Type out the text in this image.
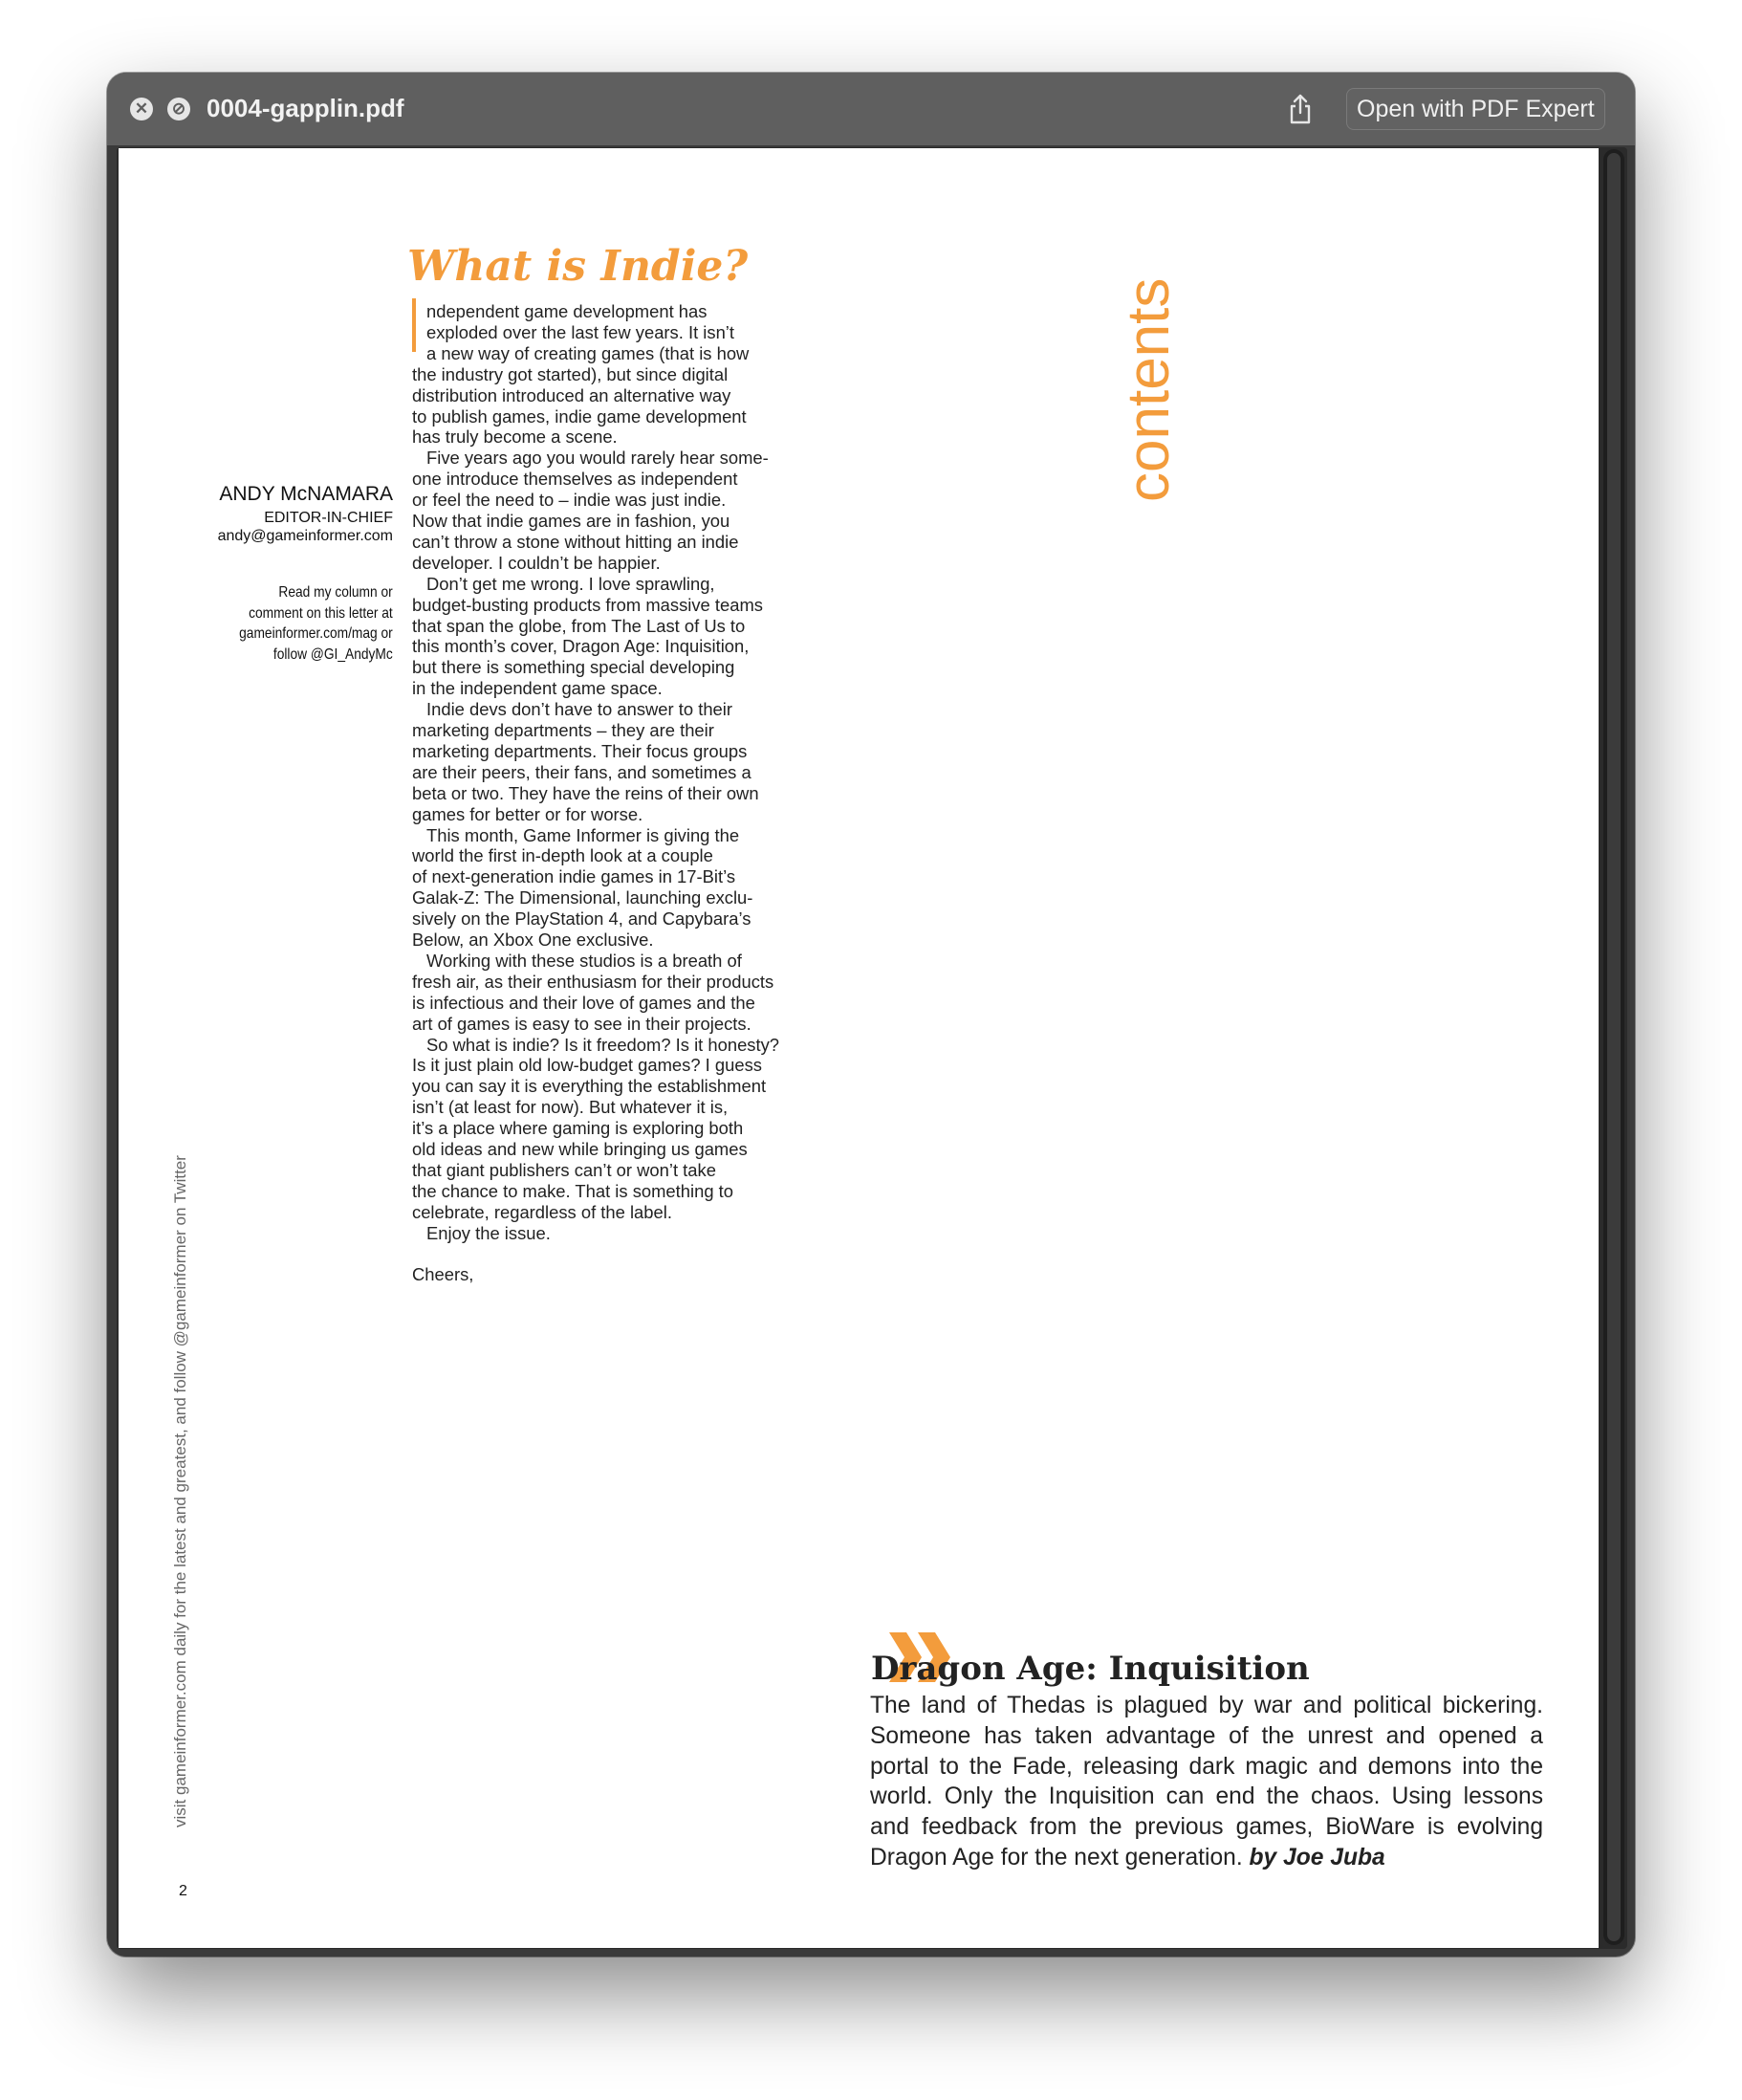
✕ ⊘ 0004-gapplin.pdf	Open with PDF Expert
What is Indie?
ndependent game development has
exploded over the last few years. It isn’t
a new way of creating games (that is how
the industry got started), but since digital
distribution introduced an alternative way
to publish games, indie game development
has truly become a scene.
Five years ago you would rarely hear some-
one introduce themselves as independent
or feel the need to – indie was just indie.
Now that indie games are in fashion, you
can’t throw a stone without hitting an indie
developer. I couldn’t be happier.
Don’t get me wrong. I love sprawling,
budget-busting products from massive teams
that span the globe, from The Last of Us to
this month’s cover, Dragon Age: Inquisition,
but there is something special developing
in the independent game space.
Indie devs don’t have to answer to their
marketing departments – they are their
marketing departments. Their focus groups
are their peers, their fans, and sometimes a
beta or two. They have the reins of their own
games for better or for worse.
This month, Game Informer is giving the
world the first in-depth look at a couple
of next-generation indie games in 17-Bit’s
Galak-Z: The Dimensional, launching exclu-
sively on the PlayStation 4, and Capybara’s
Below, an Xbox One exclusive.
Working with these studios is a breath of
fresh air, as their enthusiasm for their products
is infectious and their love of games and the
art of games is easy to see in their projects.
So what is indie? Is it freedom? Is it honesty?
Is it just plain old low-budget games? I guess
you can say it is everything the establishment
isn’t (at least for now). But whatever it is,
it’s a place where gaming is exploring both
old ideas and new while bringing us games
that giant publishers can’t or won’t take
the chance to make. That is something to
celebrate, regardless of the label.
Enjoy the issue.
Cheers,
ANDY McNAMARA
EDITOR-IN-CHIEF
andy@gameinformer.com
Read my column or
comment on this letter at
gameinformer.com/mag or
follow @GI_AndyMc
visit gameinformer.com daily for the latest and greatest, and follow @gameinformer on Twitter
2
contents
Dragon Age: Inquisition
The land of Thedas is plagued by war and political bickering. Someone has taken advantage of the unrest and opened a portal to the Fade, releasing dark magic and demons into the world. Only the Inquisition can end the chaos. Using lessons and feedback from the previous games, BioWare is evolving Dragon Age for the next generation. by Joe Juba
